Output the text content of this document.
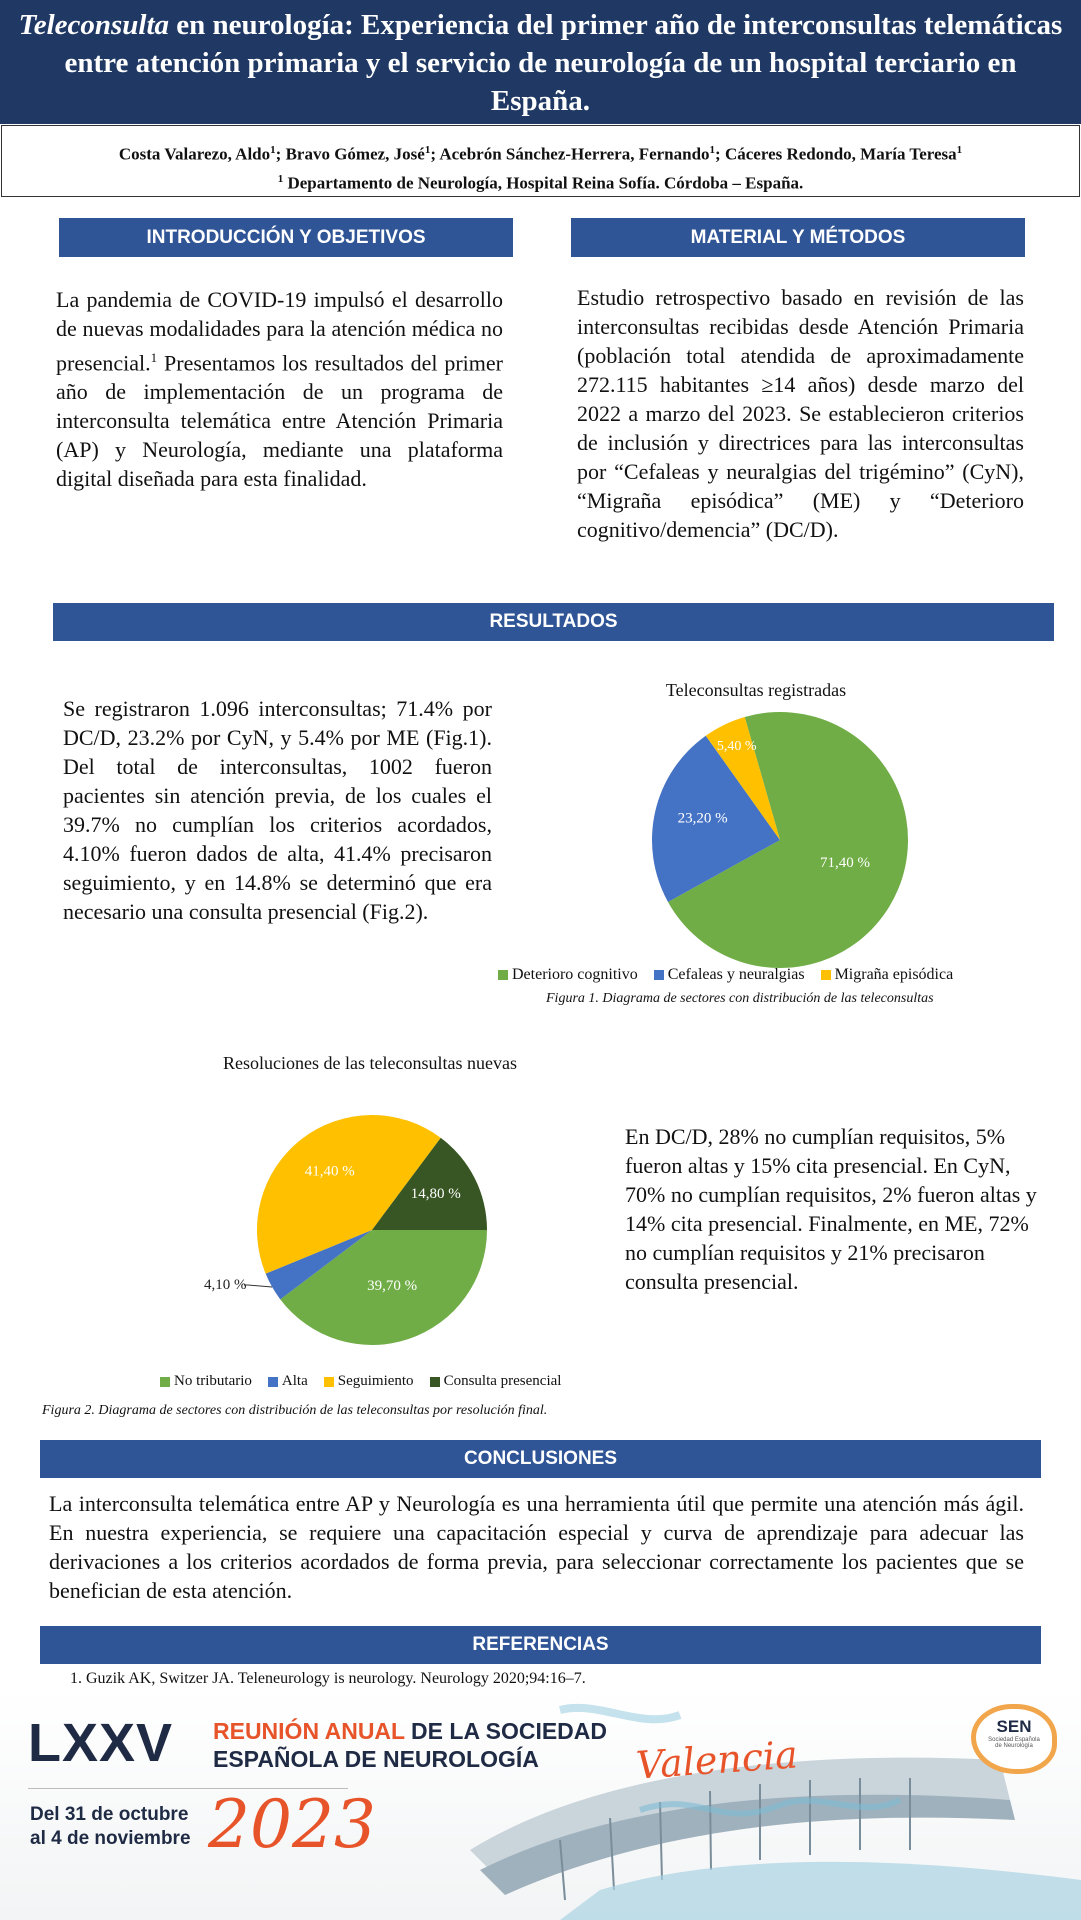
Teleconsulta en neurología: Experiencia del primer año de interconsultas telemáticas entre atención primaria y el servicio de neurología de un hospital terciario en España.
Costa Valarezo, Aldo$^1$; Bravo Gómez, José$^1$; Acebrón Sánchez-Herrera, Fernando$^1$; Cáceres Redondo, María Teresa$^1$
$^1$ Departamento de Neurología, Hospital Reina Sofía. Córdoba – España.
INTRODUCCIÓN Y OBJETIVOS
La pandemia de COVID-19 impulsó el desarrollo de nuevas modalidades para la atención médica no presencial.$^1$ Presentamos los resultados del primer año de implementación de un programa de interconsulta telemática entre Atención Primaria (AP) y Neurología, mediante una plataforma digital diseñada para esta finalidad.
MATERIAL Y MÉTODOS
Estudio retrospectivo basado en revisión de las interconsultas recibidas desde Atención Primaria (población total atendida de aproximadamente 272.115 habitantes ≥14 años) desde marzo del 2022 a marzo del 2023. Se establecieron criterios de inclusión y directrices para las interconsultas por “Cefaleas y neuralgias del trigémino” (CyN), “Migraña episódica” (ME) y “Deterioro cognitivo/demencia” (DC/D).
RESULTADOS
Se registraron 1.096 interconsultas; 71.4% por DC/D, 23.2% por CyN, y 5.4% por ME (Fig.1). Del total de interconsultas, 1002 fueron pacientes sin atención previa, de los cuales el 39.7% no cumplían los criterios acordados, 4.10% fueron dados de alta, 41.4% precisaron seguimiento, y en 14.8% se determinó que era necesario una consulta presencial (Fig.2).
Teleconsultas registradas
71,40 %
23,20 %
5,40 %
Deterioro cognitivo Cefaleas y neuralgias Migraña episódica
Figura 1. Diagrama de sectores con distribución de las teleconsultas
Resoluciones de las teleconsultas nuevas
39,70 %
4,10 %
41,40 %
14,80 %
No tributario Alta Seguimiento Consulta presencial
Figura 2. Diagrama de sectores con distribución de las teleconsultas por resolución final.
En DC/D, 28% no cumplían requisitos, 5% fueron altas y 15% cita presencial. En CyN, 70% no cumplían requisitos, 2% fueron altas y 14% cita presencial. Finalmente, en ME, 72% no cumplían requisitos y 21% precisaron consulta presencial.
CONCLUSIONES
La interconsulta telemática entre AP y Neurología es una herramienta útil que permite una atención más ágil. En nuestra experiencia, se requiere una capacitación especial y curva de aprendizaje para adecuar las derivaciones a los criterios acordados de forma previa, para seleccionar correctamente los pacientes que se benefician de esta atención.
REFERENCIAS
1. Guzik AK, Switzer JA. Teleneurology is neurology. Neurology 2020;94:16–7.
LXXV REUNIÓN ANUAL DE LA SOCIEDAD
ESPAÑOLA DE NEUROLOGÍA
Del 31 de octubre
al 4 de noviembre 2023
Valencia
SEN
Sociedad Española
de Neurología
